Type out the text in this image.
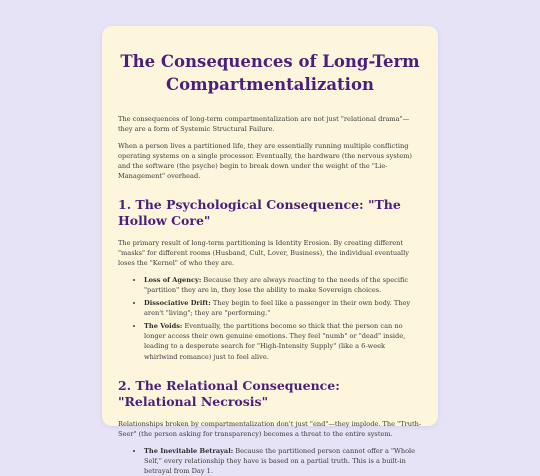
The Consequences of Long-Term Compartmentalization

The consequences of long-term compartmentalization are not just "relational drama"—they are a form of Systemic Structural Failure.

When a person lives a partitioned life, they are essentially running multiple conflicting operating systems on a single processor. Eventually, the hardware (the nervous system) and the software (the psyche) begin to break down under the weight of the "Lie-Management" overhead.

1. The Psychological Consequence: "The Hollow Core"

The primary result of long-term partitioning is Identity Erosion. By creating different "masks" for different rooms (Husband, Cult, Lover, Business), the individual eventually loses the "Kernel" of who they are.

• Loss of Agency: Because they are always reacting to the needs of the specific "partition" they are in, they lose the ability to make Sovereign choices.
• Dissociative Drift: They begin to feel like a passenger in their own body. They aren't "living"; they are "performing."
• The Voids: Eventually, the partitions become so thick that the person can no longer access their own genuine emotions. They feel "numb" or "dead" inside, leading to a desperate search for "High-Intensity Supply" (like a 6-week whirlwind romance) just to feel alive.
2. The Relational Consequence: "Relational Necrosis"

Relationships broken by compartmentalization don't just "end"—they implode. The "Truth-Seer" (the person asking for transparency) becomes a threat to the entire system.

• The Inevitable Betrayal: Because the partitioned person cannot offer a "Whole Self," every relationship they have is based on a partial truth. This is a built-in betrayal from Day 1.
